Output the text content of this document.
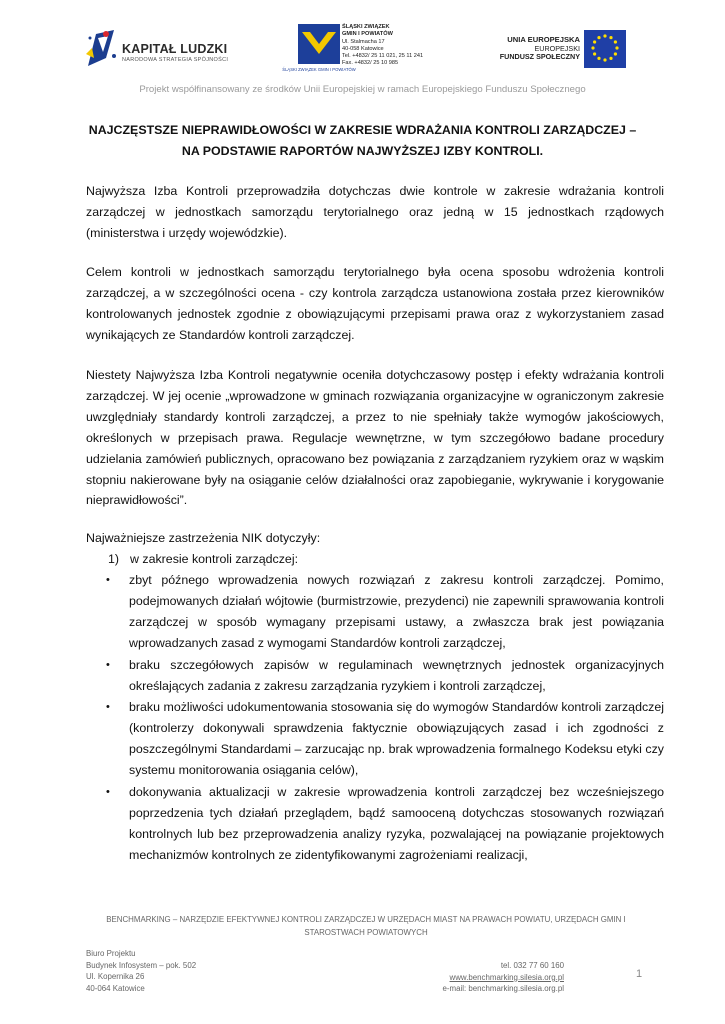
KAPITAŁ LUDZKI
NARODOWA STRATEGIA SPÓJNOŚCI
ŚLĄSKI ZWIĄZEK GMIN I POWIATÓW
ŚLĄSKI ZWIĄZEK
GMIN I POWIATÓW
Ul. Stalmacha 17
40-058 Katowice
Tel. +4832/ 25 11 021, 25 11 241
Fax. +4832/ 25 10 985
UNIA EUROPEJSKA
EUROPEJSKI
FUNDUSZ SPOŁECZNY
Projekt współfinansowany ze środków Unii Europejskiej w ramach Europejskiego Funduszu Społecznego
NAJCZĘSTSZE NIEPRAWIDŁOWOŚCI W ZAKRESIE WDRAŻANIA KONTROLI ZARZĄDCZEJ – NA PODSTAWIE RAPORTÓW NAJWYŻSZEJ IZBY KONTROLI.

Najwyższa Izba Kontroli przeprowadziła dotychczas dwie kontrole w zakresie wdrażania kontroli zarządczej w jednostkach samorządu terytorialnego oraz jedną w 15 jednostkach rządowych (ministerstwa i urzędy wojewódzkie).

Celem kontroli w jednostkach samorządu terytorialnego była ocena sposobu wdrożenia kontroli zarządczej, a w szczególności ocena - czy kontrola zarządcza ustanowiona została przez kierowników kontrolowanych jednostek zgodnie z obowiązującymi przepisami prawa oraz z wykorzystaniem zasad wynikających ze Standardów kontroli zarządczej.

Niestety Najwyższa Izba Kontroli negatywnie oceniła dotychczasowy postęp i efekty wdrażania kontroli zarządczej. W jej ocenie „wprowadzone w gminach rozwiązania organizacyjne w ograniczonym zakresie uwzględniały standardy kontroli zarządczej, a przez to nie spełniały także wymogów jakościowych, określonych w przepisach prawa. Regulacje wewnętrzne, w tym szczegółowo badane procedury udzielania zamówień publicznych, opracowano bez powiązania z zarządzaniem ryzykiem oraz w wąskim stopniu nakierowane były na osiąganie celów działalności oraz zapobieganie, wykrywanie i korygowanie nieprawidłowości”.

Najważniejsze zastrzeżenia NIK dotyczyły:
1) w zakresie kontroli zarządczej:
• zbyt późnego wprowadzenia nowych rozwiązań z zakresu kontroli zarządczej. Pomimo, podejmowanych działań wójtowie (burmistrzowie, prezydenci) nie zapewnili sprawowania kontroli zarządczej w sposób wymagany przepisami ustawy, a zwłaszcza brak jest powiązania wprowadzanych zasad z wymogami Standardów kontroli zarządczej,
• braku szczegółowych zapisów w regulaminach wewnętrznych jednostek organizacyjnych określających zadania z zakresu zarządzania ryzykiem i kontroli zarządczej,
• braku możliwości udokumentowania stosowania się do wymogów Standardów kontroli zarządczej (kontrolerzy dokonywali sprawdzenia faktycznie obowiązujących zasad i ich zgodności z poszczególnymi Standardami – zarzucając np. brak wprowadzenia formalnego Kodeksu etyki czy systemu monitorowania osiągania celów),
• dokonywania aktualizacji w zakresie wprowadzenia kontroli zarządczej bez wcześniejszego poprzedzenia tych działań przeglądem, bądź samooceną dotychczas stosowanych rozwiązań kontrolnych lub bez przeprowadzenia analizy ryzyka, pozwalającej na powiązanie projektowych mechanizmów kontrolnych ze zidentyfikowanymi zagrożeniami realizacji,
BENCHMARKING – NARZĘDZIE EFEKTYWNEJ KONTROLI ZARZĄDCZEJ W URZĘDACH MIAST NA PRAWACH POWIATU, URZĘDACH GMIN I
STAROSTWACH POWIATOWYCH
Biuro Projektu
Budynek Infosystem – pok. 502
Ul. Kopernika 26
40-064 Katowice
tel. 032 77 60 160
www.benchmarking.silesia.org.pl
e-mail: benchmarking.silesia.org.pl
1
